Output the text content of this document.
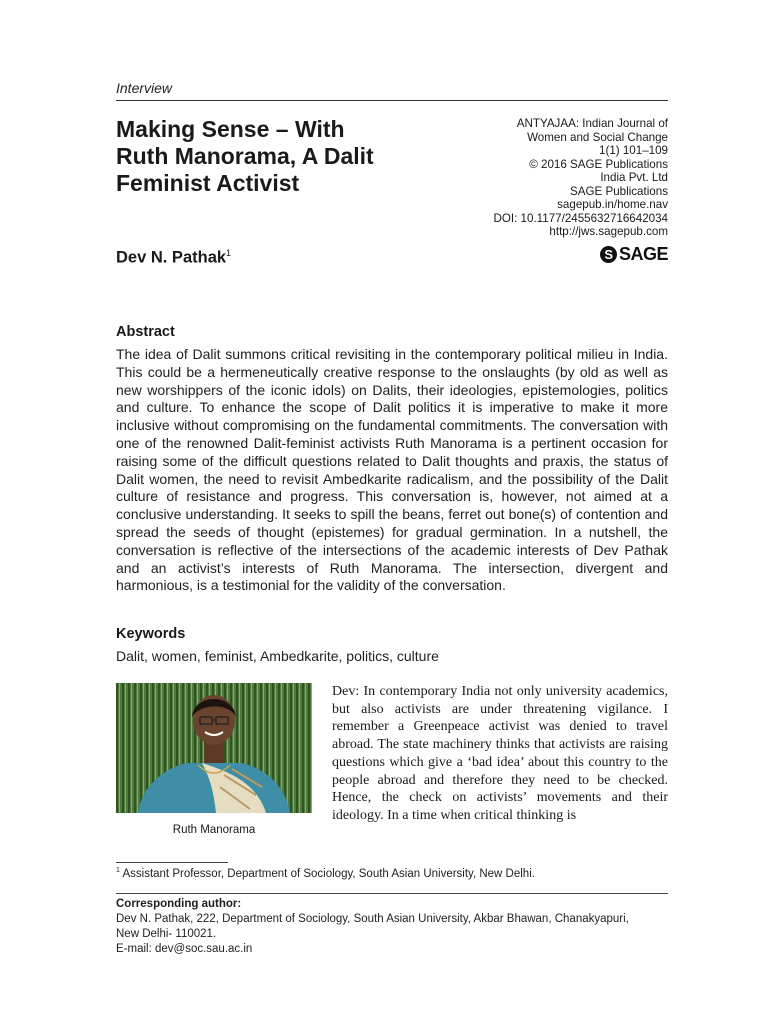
Interview
Making Sense – With
Ruth Manorama, A Dalit
Feminist Activist
ANTYAJAA: Indian Journal of
Women and Social Change
1(1) 101–109
© 2016 SAGE Publications
India Pvt. Ltd
SAGE Publications
sagepub.in/home.nav
DOI: 10.1177/2455632716642034
http://jws.sagepub.com
S SAGE
Dev N. Pathak$^1$
Abstract

The idea of Dalit summons critical revisiting in the contemporary political milieu in India. This could be a hermeneutically creative response to the onslaughts (by old as well as new worshippers of the iconic idols) on Dalits, their ideologies, epistemologies, politics and culture. To enhance the scope of Dalit politics it is imperative to make it more inclusive without compromising on the fundamental commitments. The conversation with one of the renowned Dalit-feminist activists Ruth Manorama is a pertinent occasion for raising some of the difficult questions related to Dalit thoughts and praxis, the status of Dalit women, the need to revisit Ambedkarite radicalism, and the possibility of the Dalit culture of resistance and progress. This conversation is, however, not aimed at a conclusive understanding. It seeks to spill the beans, ferret out bone(s) of contention and spread the seeds of thought (epistemes) for gradual germination. In a nutshell, the conversation is reflective of the intersections of the academic interests of Dev Pathak and an activist’s interests of Ruth Manorama. The intersection, divergent and harmonious, is a testimonial for the validity of the conversation.

Keywords
Dalit, women, feminist, Ambedkarite, politics, culture
Ruth Manorama

Dev: In contemporary India not only university academics, but also activists are under threatening vigilance. I remember a Greenpeace activist was denied to travel abroad. The state machinery thinks that activists are raising questions which give a ‘bad idea’ about this country to the people abroad and therefore they need to be checked. Hence, the check on activists’ movements and their ideology. In a time when critical thinking is

$^1$ Assistant Professor, Department of Sociology, South Asian University, New Delhi.
Corresponding author:
Dev N. Pathak, 222, Department of Sociology, South Asian University, Akbar Bhawan, Chanakyapuri,
New Delhi- 110021.
E-mail: dev@soc.sau.ac.in
